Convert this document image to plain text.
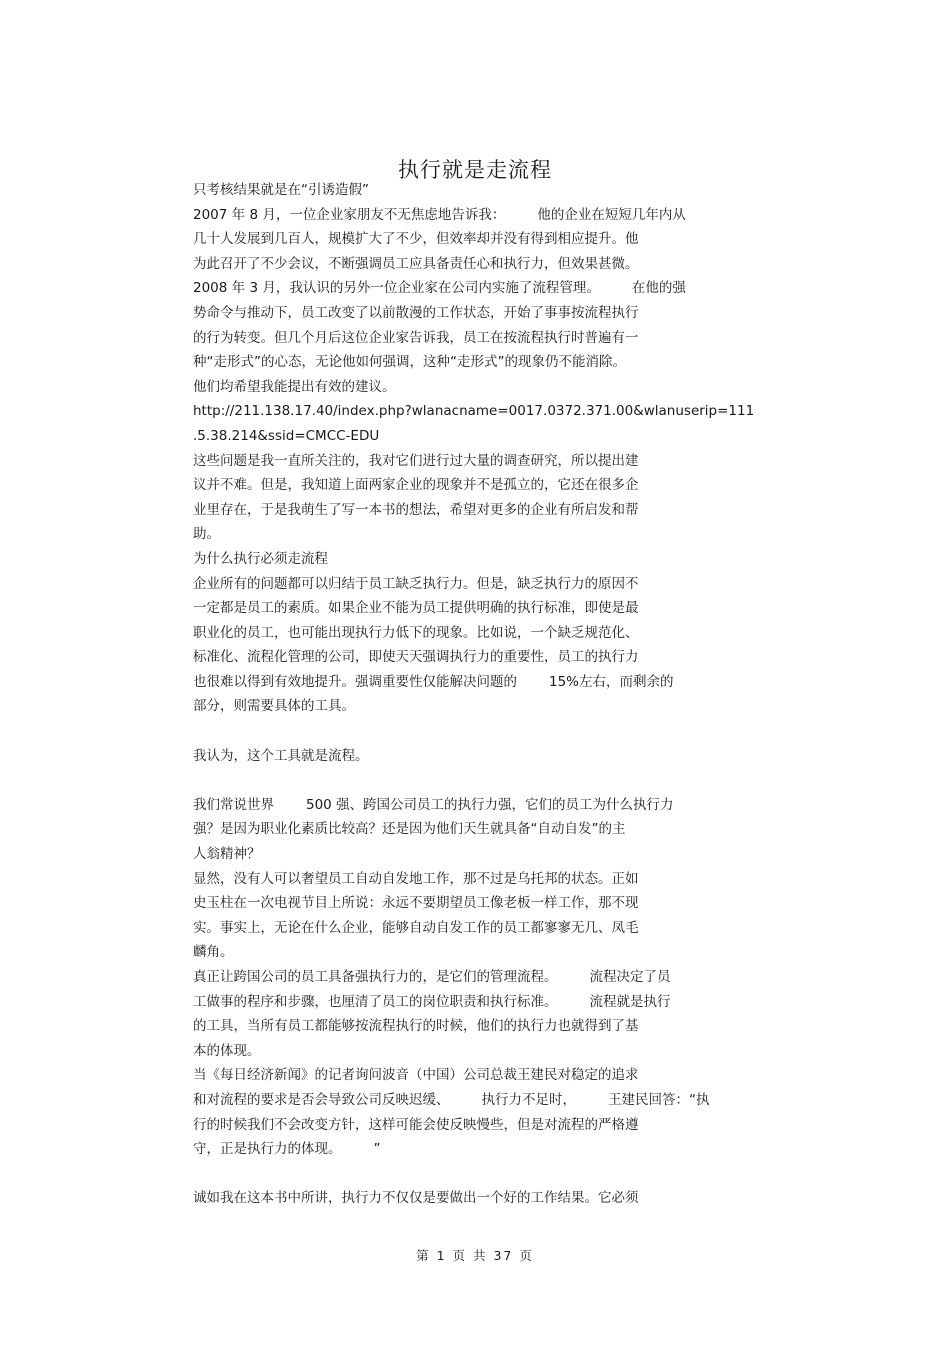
执行就是走流程
只考核结果就是在“引诱造假”
2007 年 8 月，一位企业家朋友不无焦虑地告诉我： 他的企业在短短几年内从
几十人发展到几百人，规模扩大了不少，但效率却并没有得到相应提升。他
为此召开了不少会议，不断强调员工应具备责任心和执行力，但效果甚微。
2008 年 3 月，我认识的另外一位企业家在公司内实施了流程管理。 在他的强
势命令与推动下，员工改变了以前散漫的工作状态，开始了事事按流程执行
的行为转变。但几个月后这位企业家告诉我，员工在按流程执行时普遍有一
种“走形式”的心态，无论他如何强调，这种“走形式”的现象仍不能消除。
他们均希望我能提出有效的建议。
http://211.138.17.40/index.php?wlanacname=0017.0372.371.00&wlanuserip=111
.5.38.214&ssid=CMCC-EDU
这些问题是我一直所关注的，我对它们进行过大量的调查研究，所以提出建
议并不难。但是，我知道上面两家企业的现象并不是孤立的，它还在很多企
业里存在，于是我萌生了写一本书的想法，希望对更多的企业有所启发和帮
助。
为什么执行必须走流程
企业所有的问题都可以归结于员工缺乏执行力。但是，缺乏执行力的原因不
一定都是员工的素质。如果企业不能为员工提供明确的执行标准，即使是最
职业化的员工，也可能出现执行力低下的现象。比如说，一个缺乏规范化、
标准化、流程化管理的公司，即使天天强调执行力的重要性，员工的执行力
也很难以得到有效地提升。强调重要性仅能解决问题的 15%左右，而剩余的
部分，则需要具体的工具。
我认为，这个工具就是流程。
我们常说世界 500 强、跨国公司员工的执行力强，它们的员工为什么执行力
强？是因为职业化素质比较高？还是因为他们天生就具备“自动自发”的主
人翁精神？
显然，没有人可以奢望员工自动自发地工作，那不过是乌托邦的状态。正如
史玉柱在一次电视节目上所说：永远不要期望员工像老板一样工作，那不现
实。事实上，无论在什么企业，能够自动自发工作的员工都寥寥无几、凤毛
麟角。
真正让跨国公司的员工具备强执行力的，是它们的管理流程。 流程决定了员
工做事的程序和步骤，也厘清了员工的岗位职责和执行标准。 流程就是执行
的工具，当所有员工都能够按流程执行的时候，他们的执行力也就得到了基
本的体现。
当《每日经济新闻》的记者询问波音（中国）公司总裁王建民对稳定的追求
和对流程的要求是否会导致公司反映迟缓、 执行力不足时， 王建民回答：“执
行的时候我们不会改变方针，这样可能会使反映慢些，但是对流程的严格遵
守，正是执行力的体现。 ”
诚如我在这本书中所讲，执行力不仅仅是要做出一个好的工作结果。它必须
第 1 页 共 37 页
